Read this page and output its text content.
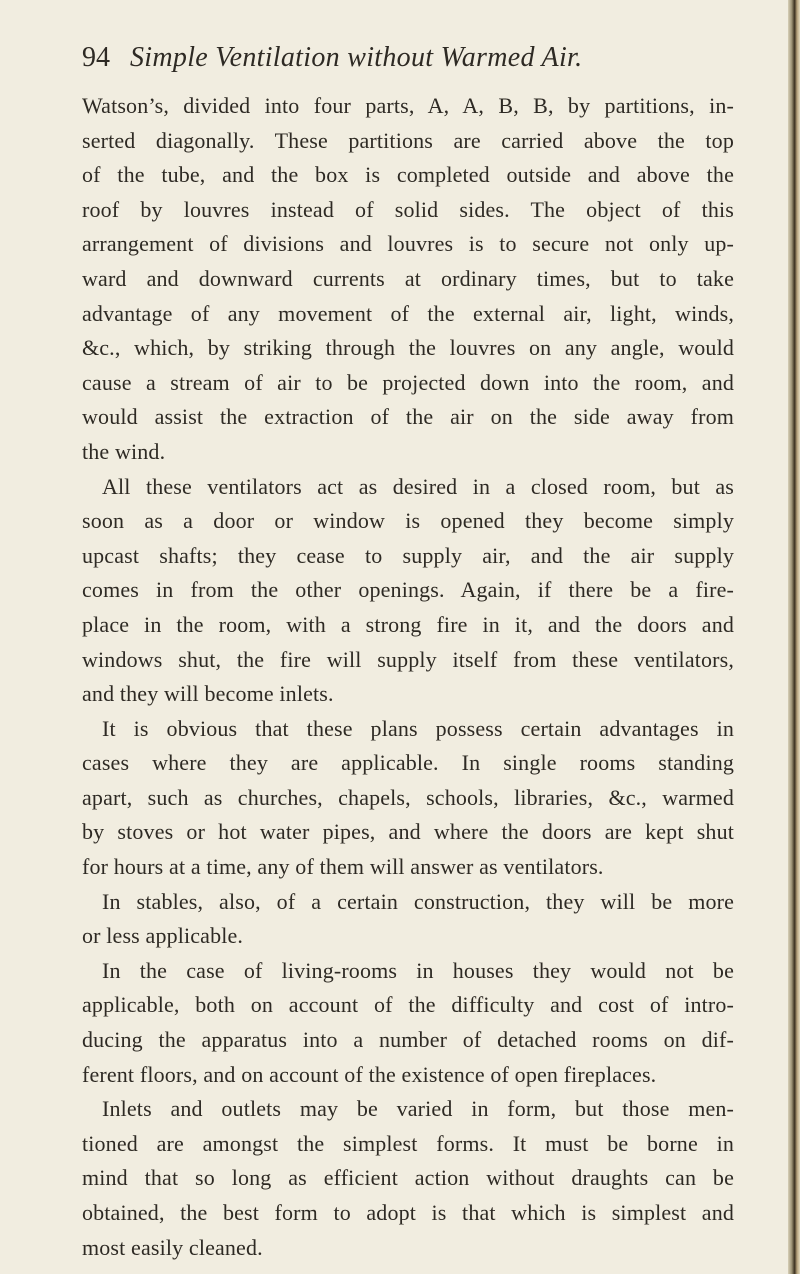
94 Simple Ventilation without Warmed Air.
Watson’s, divided into four parts, A, A, B, B, by partitions, in-
serted diagonally. These partitions are carried above the top
of the tube, and the box is completed outside and above the
roof by louvres instead of solid sides. The object of this
arrangement of divisions and louvres is to secure not only up-
ward and downward currents at ordinary times, but to take
advantage of any movement of the external air, light, winds,
&c., which, by striking through the louvres on any angle, would
cause a stream of air to be projected down into the room, and
would assist the extraction of the air on the side away from
the wind.
All these ventilators act as desired in a closed room, but as
soon as a door or window is opened they become simply
upcast shafts; they cease to supply air, and the air supply
comes in from the other openings. Again, if there be a fire-
place in the room, with a strong fire in it, and the doors and
windows shut, the fire will supply itself from these ventilators,
and they will become inlets.
It is obvious that these plans possess certain advantages in
cases where they are applicable. In single rooms standing
apart, such as churches, chapels, schools, libraries, &c., warmed
by stoves or hot water pipes, and where the doors are kept shut
for hours at a time, any of them will answer as ventilators.
In stables, also, of a certain construction, they will be more
or less applicable.
In the case of living-rooms in houses they would not be
applicable, both on account of the difficulty and cost of intro-
ducing the apparatus into a number of detached rooms on dif-
ferent floors, and on account of the existence of open fireplaces.
Inlets and outlets may be varied in form, but those men-
tioned are amongst the simplest forms. It must be borne in
mind that so long as efficient action without draughts can be
obtained, the best form to adopt is that which is simplest and
most easily cleaned.
